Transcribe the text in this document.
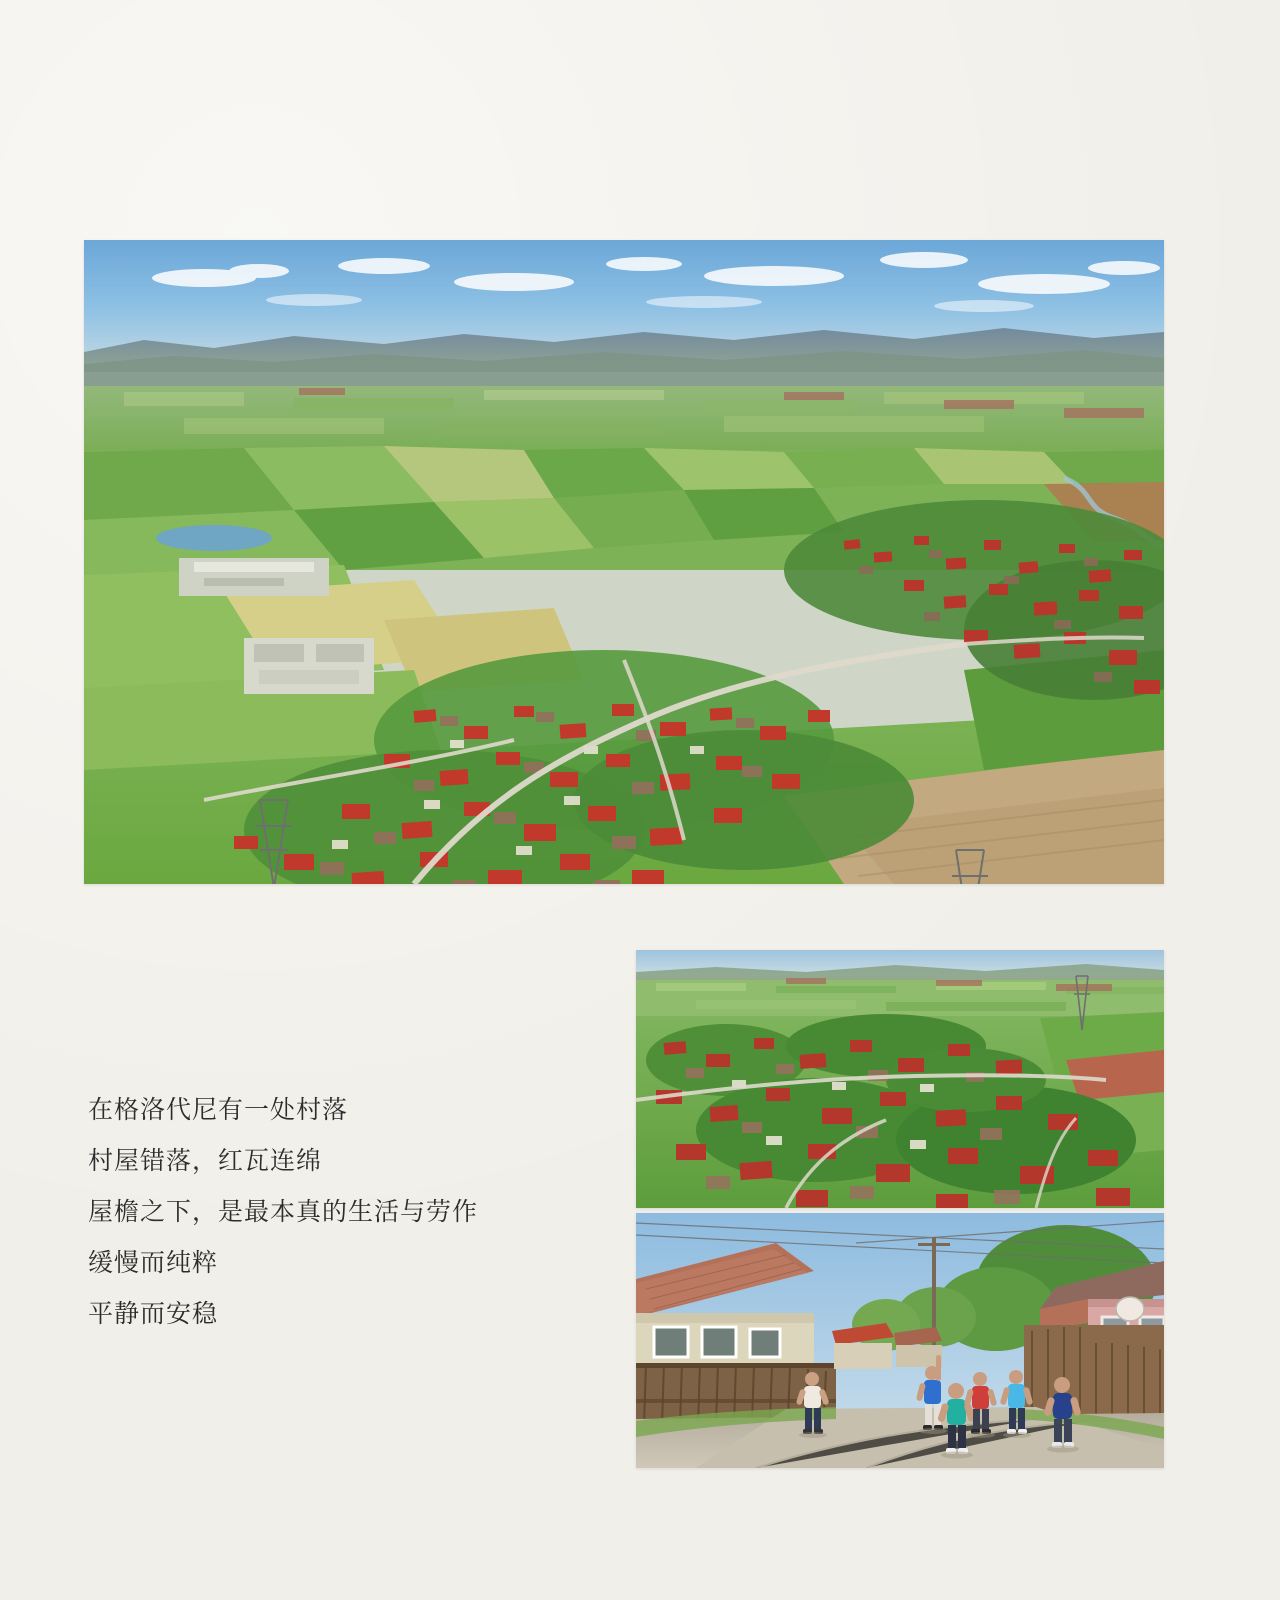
在格洛代尼有一处村落
村屋错落，红瓦连绵
屋檐之下，是最本真的生活与劳作
缓慢而纯粹
平静而安稳
